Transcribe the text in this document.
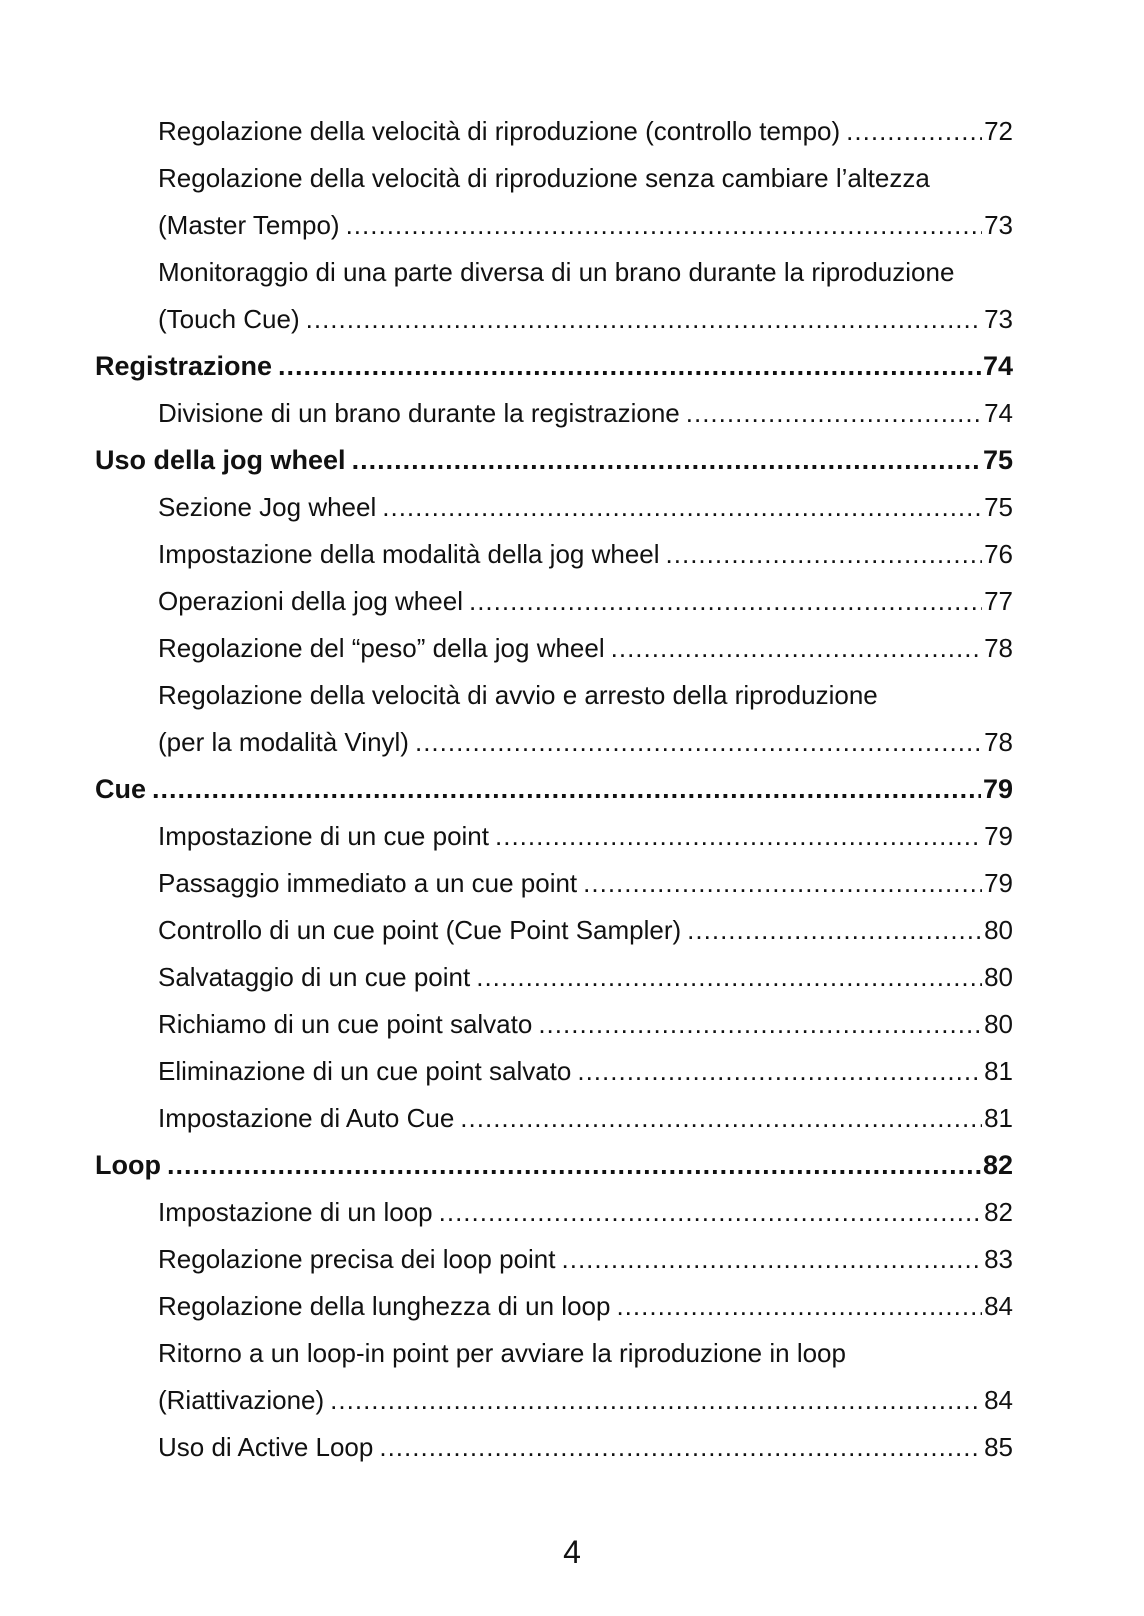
Regolazione della velocità di riproduzione (controllo tempo) .....	72
Regolazione della velocità di riproduzione senza cambiare l’altezza
(Master Tempo) .....	73
Monitoraggio di una parte diversa di un brano durante la riproduzione
(Touch Cue) .....	73
Registrazione .....	74
Divisione di un brano durante la registrazione .....	74
Uso della jog wheel .....	75
Sezione Jog wheel .....	75
Impostazione della modalità della jog wheel .....	76
Operazioni della jog wheel .....	77
Regolazione del “peso” della jog wheel .....	78
Regolazione della velocità di avvio e arresto della riproduzione
(per la modalità Vinyl) .....	78
Cue .....	79
Impostazione di un cue point .....	79
Passaggio immediato a un cue point .....	79
Controllo di un cue point (Cue Point Sampler) .....	80
Salvataggio di un cue point .....	80
Richiamo di un cue point salvato .....	80
Eliminazione di un cue point salvato .....	81
Impostazione di Auto Cue .....	81
Loop .....	82
Impostazione di un loop .....	82
Regolazione precisa dei loop point .....	83
Regolazione della lunghezza di un loop .....	84
Ritorno a un loop-in point per avviare la riproduzione in loop
(Riattivazione) .....	84
Uso di Active Loop .....	85
4
